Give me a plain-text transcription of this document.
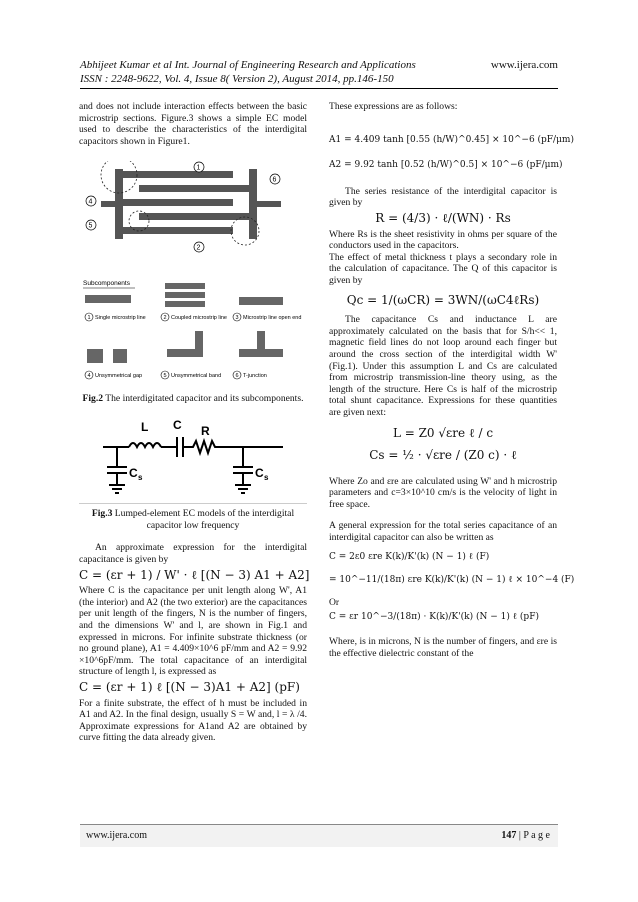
Abhijeet Kumar et al Int. Journal of Engineering Research and Applications
ISSN : 2248-9622, Vol. 4, Issue 8( Version 2), August 2014, pp.146-150
www.ijera.com

and does not include interaction effects between the basic microstrip sections. Figure.3 shows a simple EC model used to describe the characteristics of the interdigital capacitors shown in Figure1.

1
2
4
5
6
Subcomponents
1 Single microstrip line	2 Coupled microstrip line 3 Microstrip line open end
4 Unsymmetrical gap	5 Unsymmetrical band	6 T-junction
Fig.2 The interdigitated capacitor and its subcomponents.
L C R
C s	C s
Fig.3 Lumped-element EC models of the interdigital capacitor low frequency

An approximate expression for the interdigital capacitance is given by

C = (εr + 1) / W' · ℓ [(N − 3) A1 + A2]

Where C is the capacitance per unit length along W', A1 (the interior) and A2 (the two exterior) are the capacitances per unit length of the fingers, N is the number of fingers, and the dimensions W' and l, are shown in Fig.1 and expressed in microns. For infinite substrate thickness (or no ground plane), A1 = 4.409×10^6 pF/mm and A2 = 9.92 ×10^6pF/mm. The total capacitance of an interdigital structure of length l, is expressed as

C = (εr + 1) ℓ [(N − 3)A1 + A2] (pF)

For a finite substrate, the effect of h must be included in A1 and A2. In the final design, usually S = W and, l = λ /4. Approximate expressions for A1and A2 are obtained by curve fitting the data already given.

These expressions are as follows:

A1 = 4.409 tanh [0.55 (h/W)^0.45] × 10^−6 (pF/μm)
A2 = 9.92 tanh [0.52 (h/W)^0.5] × 10^−6 (pF/μm)

The series resistance of the interdigital capacitor is given by

R = (4/3) · ℓ/(WN) · Rs

Where Rs is the sheet resistivity in ohms per square of the conductors used in the capacitors.

The effect of metal thickness t plays a secondary role in the calculation of capacitance. The Q of this capacitor is given by

Qc = 1/(ωCR) = 3WN/(ωC4ℓRs)

The capacitance Cs and inductance L are approximately calculated on the basis that for S/h<< 1, magnetic field lines do not loop around each finger but around the cross section of the interdigital width W' (Fig.1). Under this assumption L and Cs are calculated from microstrip transmission-line theory using, as the length of the structure. Here Cs is half of the microstrip total shunt capacitance. Expressions for these quantities are given next:

L = Z0 √εre ℓ / c
Cs = ½ · √εre / (Z0 c) · ℓ

Where Zo and εre are calculated using W' and h microstrip parameters and c=3×10^10 cm/s is the velocity of light in free space.

A general expression for the total series capacitance of an interdigital capacitor can also be written as

C = 2ε0 εre K(k)/K'(k) (N − 1) ℓ (F)
= 10^−11/(18π) εre K(k)/K'(k) (N − 1) ℓ × 10^−4 (F)

Or

C = εr 10^−3/(18π) · K(k)/K'(k) (N − 1) ℓ (pF)

Where, is in microns, N is the number of fingers, and εre is the effective dielectric constant of the

www.ijera.com	147 | P a g e
